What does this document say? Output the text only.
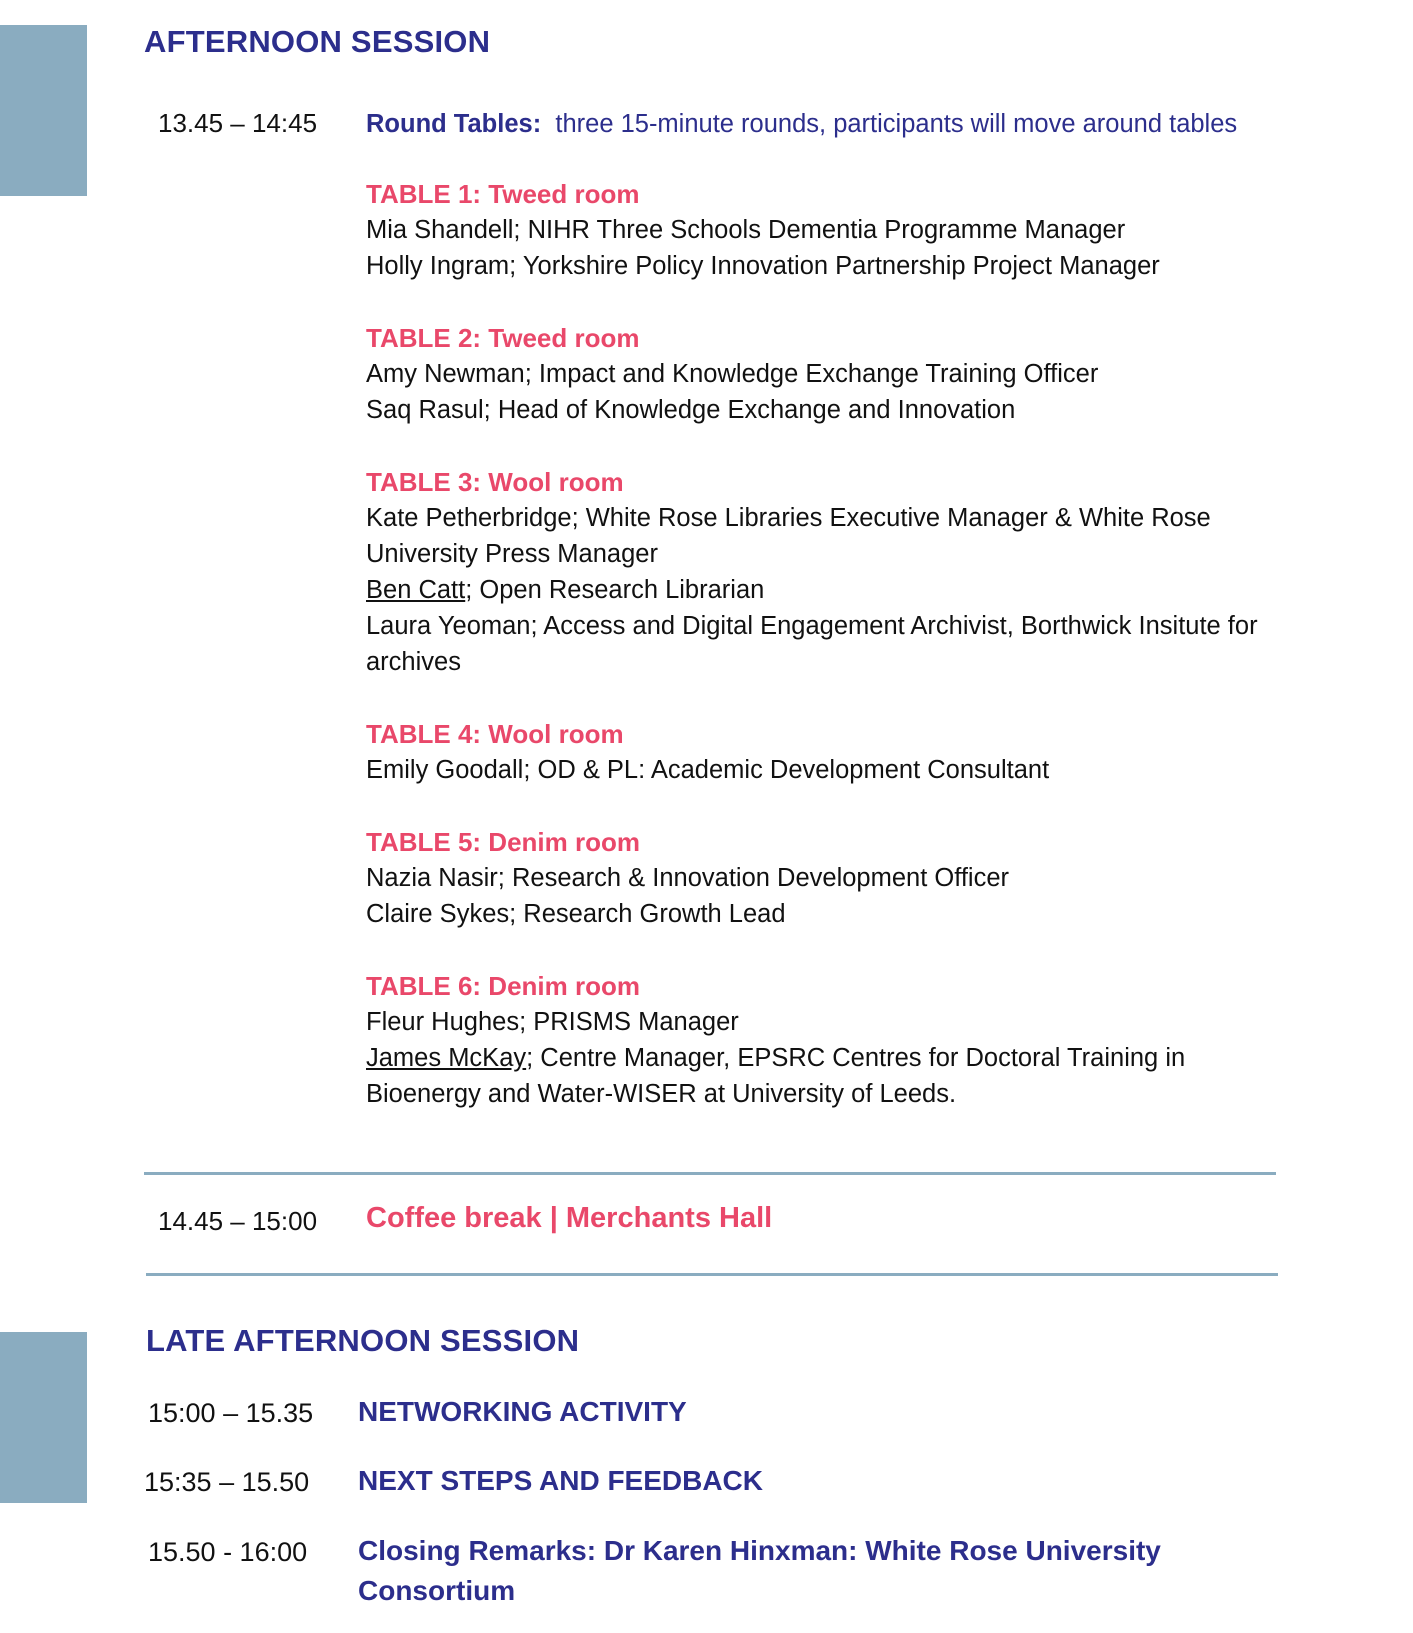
AFTERNOON SESSION
13.45 – 14:45 Round Tables: three 15-minute rounds, participants will move around tables
TABLE 1: Tweed room
Mia Shandell; NIHR Three Schools Dementia Programme Manager
Holly Ingram; Yorkshire Policy Innovation Partnership Project Manager
TABLE 2: Tweed room
Amy Newman; Impact and Knowledge Exchange Training Officer
Saq Rasul; Head of Knowledge Exchange and Innovation
TABLE 3: Wool room
Kate Petherbridge; White Rose Libraries Executive Manager & White Rose University Press Manager
Ben Catt; Open Research Librarian
Laura Yeoman; Access and Digital Engagement Archivist, Borthwick Insitute for archives
TABLE 4: Wool room
Emily Goodall; OD & PL: Academic Development Consultant
TABLE 5: Denim room
Nazia Nasir; Research & Innovation Development Officer
Claire Sykes; Research Growth Lead
TABLE 6: Denim room
Fleur Hughes; PRISMS Manager
James McKay; Centre Manager, EPSRC Centres for Doctoral Training in Bioenergy and Water-WISER at University of Leeds.
14.45 – 15:00 Coffee break | Merchants Hall
LATE AFTERNOON SESSION
15:00 – 15.35 NETWORKING ACTIVITY
15:35 – 15.50 NEXT STEPS AND FEEDBACK
15.50 - 16:00 Closing Remarks: Dr Karen Hinxman: White Rose University Consortium
